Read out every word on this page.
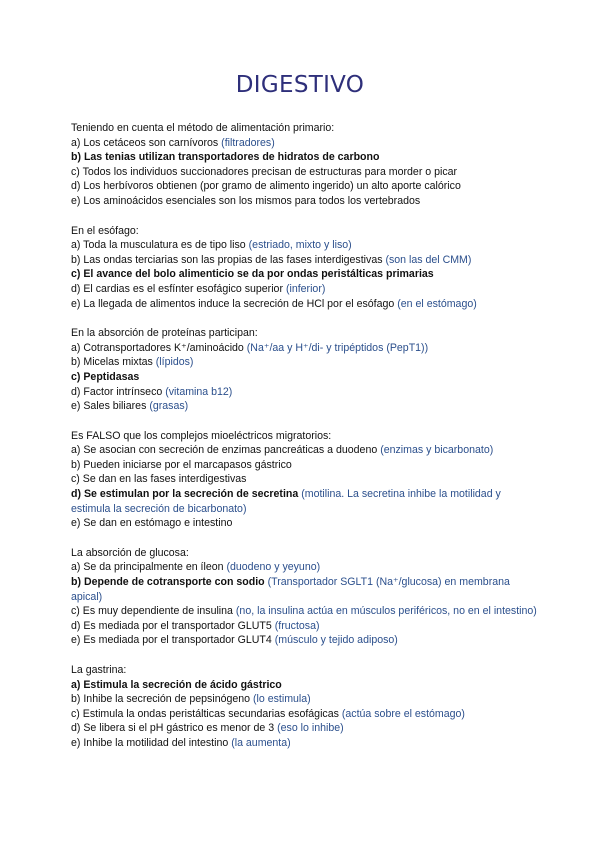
DIGESTIVO

Teniendo en cuenta el método de alimentación primario:

a) Los cetáceos son carnívoros (filtradores)

b) Las tenias utilizan transportadores de hidratos de carbono

c) Todos los individuos succionadores precisan de estructuras para morder o picar

d) Los herbívoros obtienen (por gramo de alimento ingerido) un alto aporte calórico

e) Los aminoácidos esenciales son los mismos para todos los vertebrados

En el esófago:

a) Toda la musculatura es de tipo liso (estriado, mixto y liso)

b) Las ondas terciarias son las propias de las fases interdigestivas (son las del CMM)

c) El avance del bolo alimenticio se da por ondas peristálticas primarias

d) El cardias es el esfínter esofágico superior (inferior)

e) La llegada de alimentos induce la secreción de HCl por el esófago (en el estómago)

En la absorción de proteínas participan:

a) Cotransportadores K⁺/aminoácido (Na⁺/aa y H⁺/di- y tripéptidos (PepT1))

b) Micelas mixtas (lípidos)

c) Peptidasas

d) Factor intrínseco (vitamina b12)

e) Sales biliares (grasas)

Es FALSO que los complejos mioeléctricos migratorios:

a) Se asocian con secreción de enzimas pancreáticas a duodeno (enzimas y bicarbonato)

b) Pueden iniciarse por el marcapasos gástrico

c) Se dan en las fases interdigestivas

d) Se estimulan por la secreción de secretina (motilina. La secretina inhibe la motilidad y estimula la secreción de bicarbonato)

e) Se dan en estómago e intestino

La absorción de glucosa:

a) Se da principalmente en íleon (duodeno y yeyuno)

b) Depende de cotransporte con sodio (Transportador SGLT1 (Na⁺/glucosa) en membrana apical)

c) Es muy dependiente de insulina (no, la insulina actúa en músculos periféricos, no en el intestino)

d) Es mediada por el transportador GLUT5 (fructosa)

e) Es mediada por el transportador GLUT4 (músculo y tejido adiposo)

La gastrina:

a) Estimula la secreción de ácido gástrico

b) Inhibe la secreción de pepsinógeno (lo estimula)

c) Estimula la ondas peristálticas secundarias esofágicas (actúa sobre el estómago)

d) Se libera si el pH gástrico es menor de 3 (eso lo inhibe)

e) Inhibe la motilidad del intestino (la aumenta)
